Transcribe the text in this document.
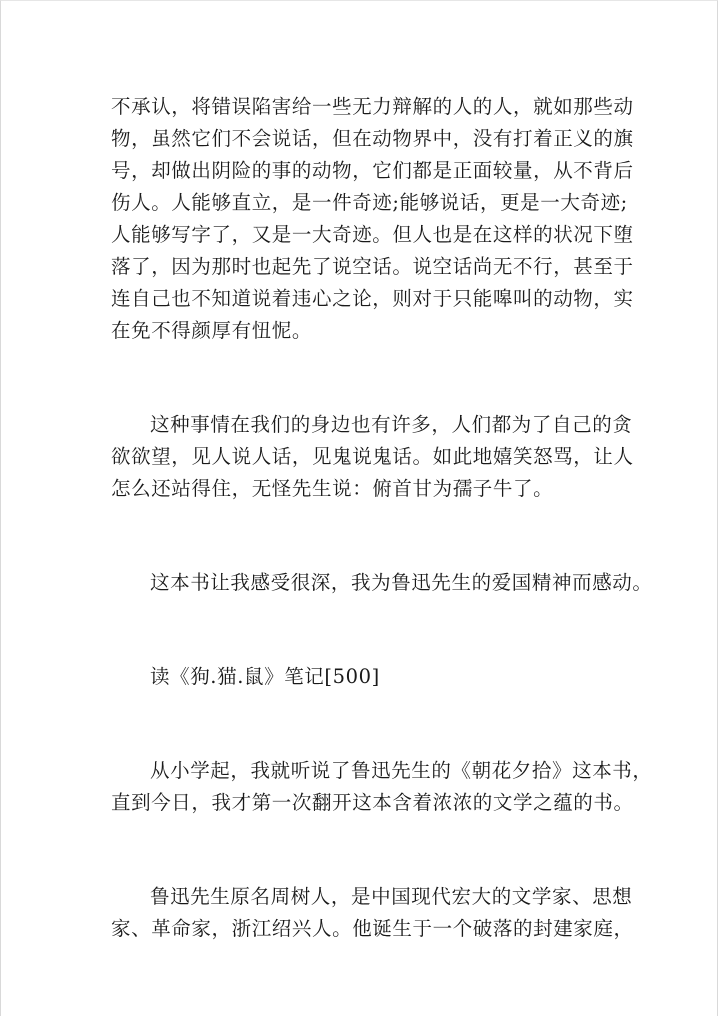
不承认，将错误陷害给一些无力辩解的人的人，就如那些动

物，虽然它们不会说话，但在动物界中，没有打着正义的旗

号，却做出阴险的事的动物，它们都是正面较量，从不背后

伤人。人能够直立，是一件奇迹;能够说话，更是一大奇迹;

人能够写字了，又是一大奇迹。但人也是在这样的状况下堕

落了，因为那时也起先了说空话。说空话尚无不行，甚至于

连自己也不知道说着违心之论，则对于只能嗥叫的动物，实

在免不得颜厚有忸怩。

这种事情在我们的身边也有许多，人们都为了自己的贪

欲欲望，见人说人话，见鬼说鬼话。如此地嬉笑怒骂，让人

怎么还站得住，无怪先生说：俯首甘为孺子牛了。

这本书让我感受很深，我为鲁迅先生的爱国精神而感动。

读《狗.猫.鼠》笔记[500]

从小学起，我就听说了鲁迅先生的《朝花夕拾》这本书，

直到今日，我才第一次翻开这本含着浓浓的文学之蕴的书。

鲁迅先生原名周树人，是中国现代宏大的文学家、思想

家、革命家，浙江绍兴人。他诞生于一个破落的封建家庭，
